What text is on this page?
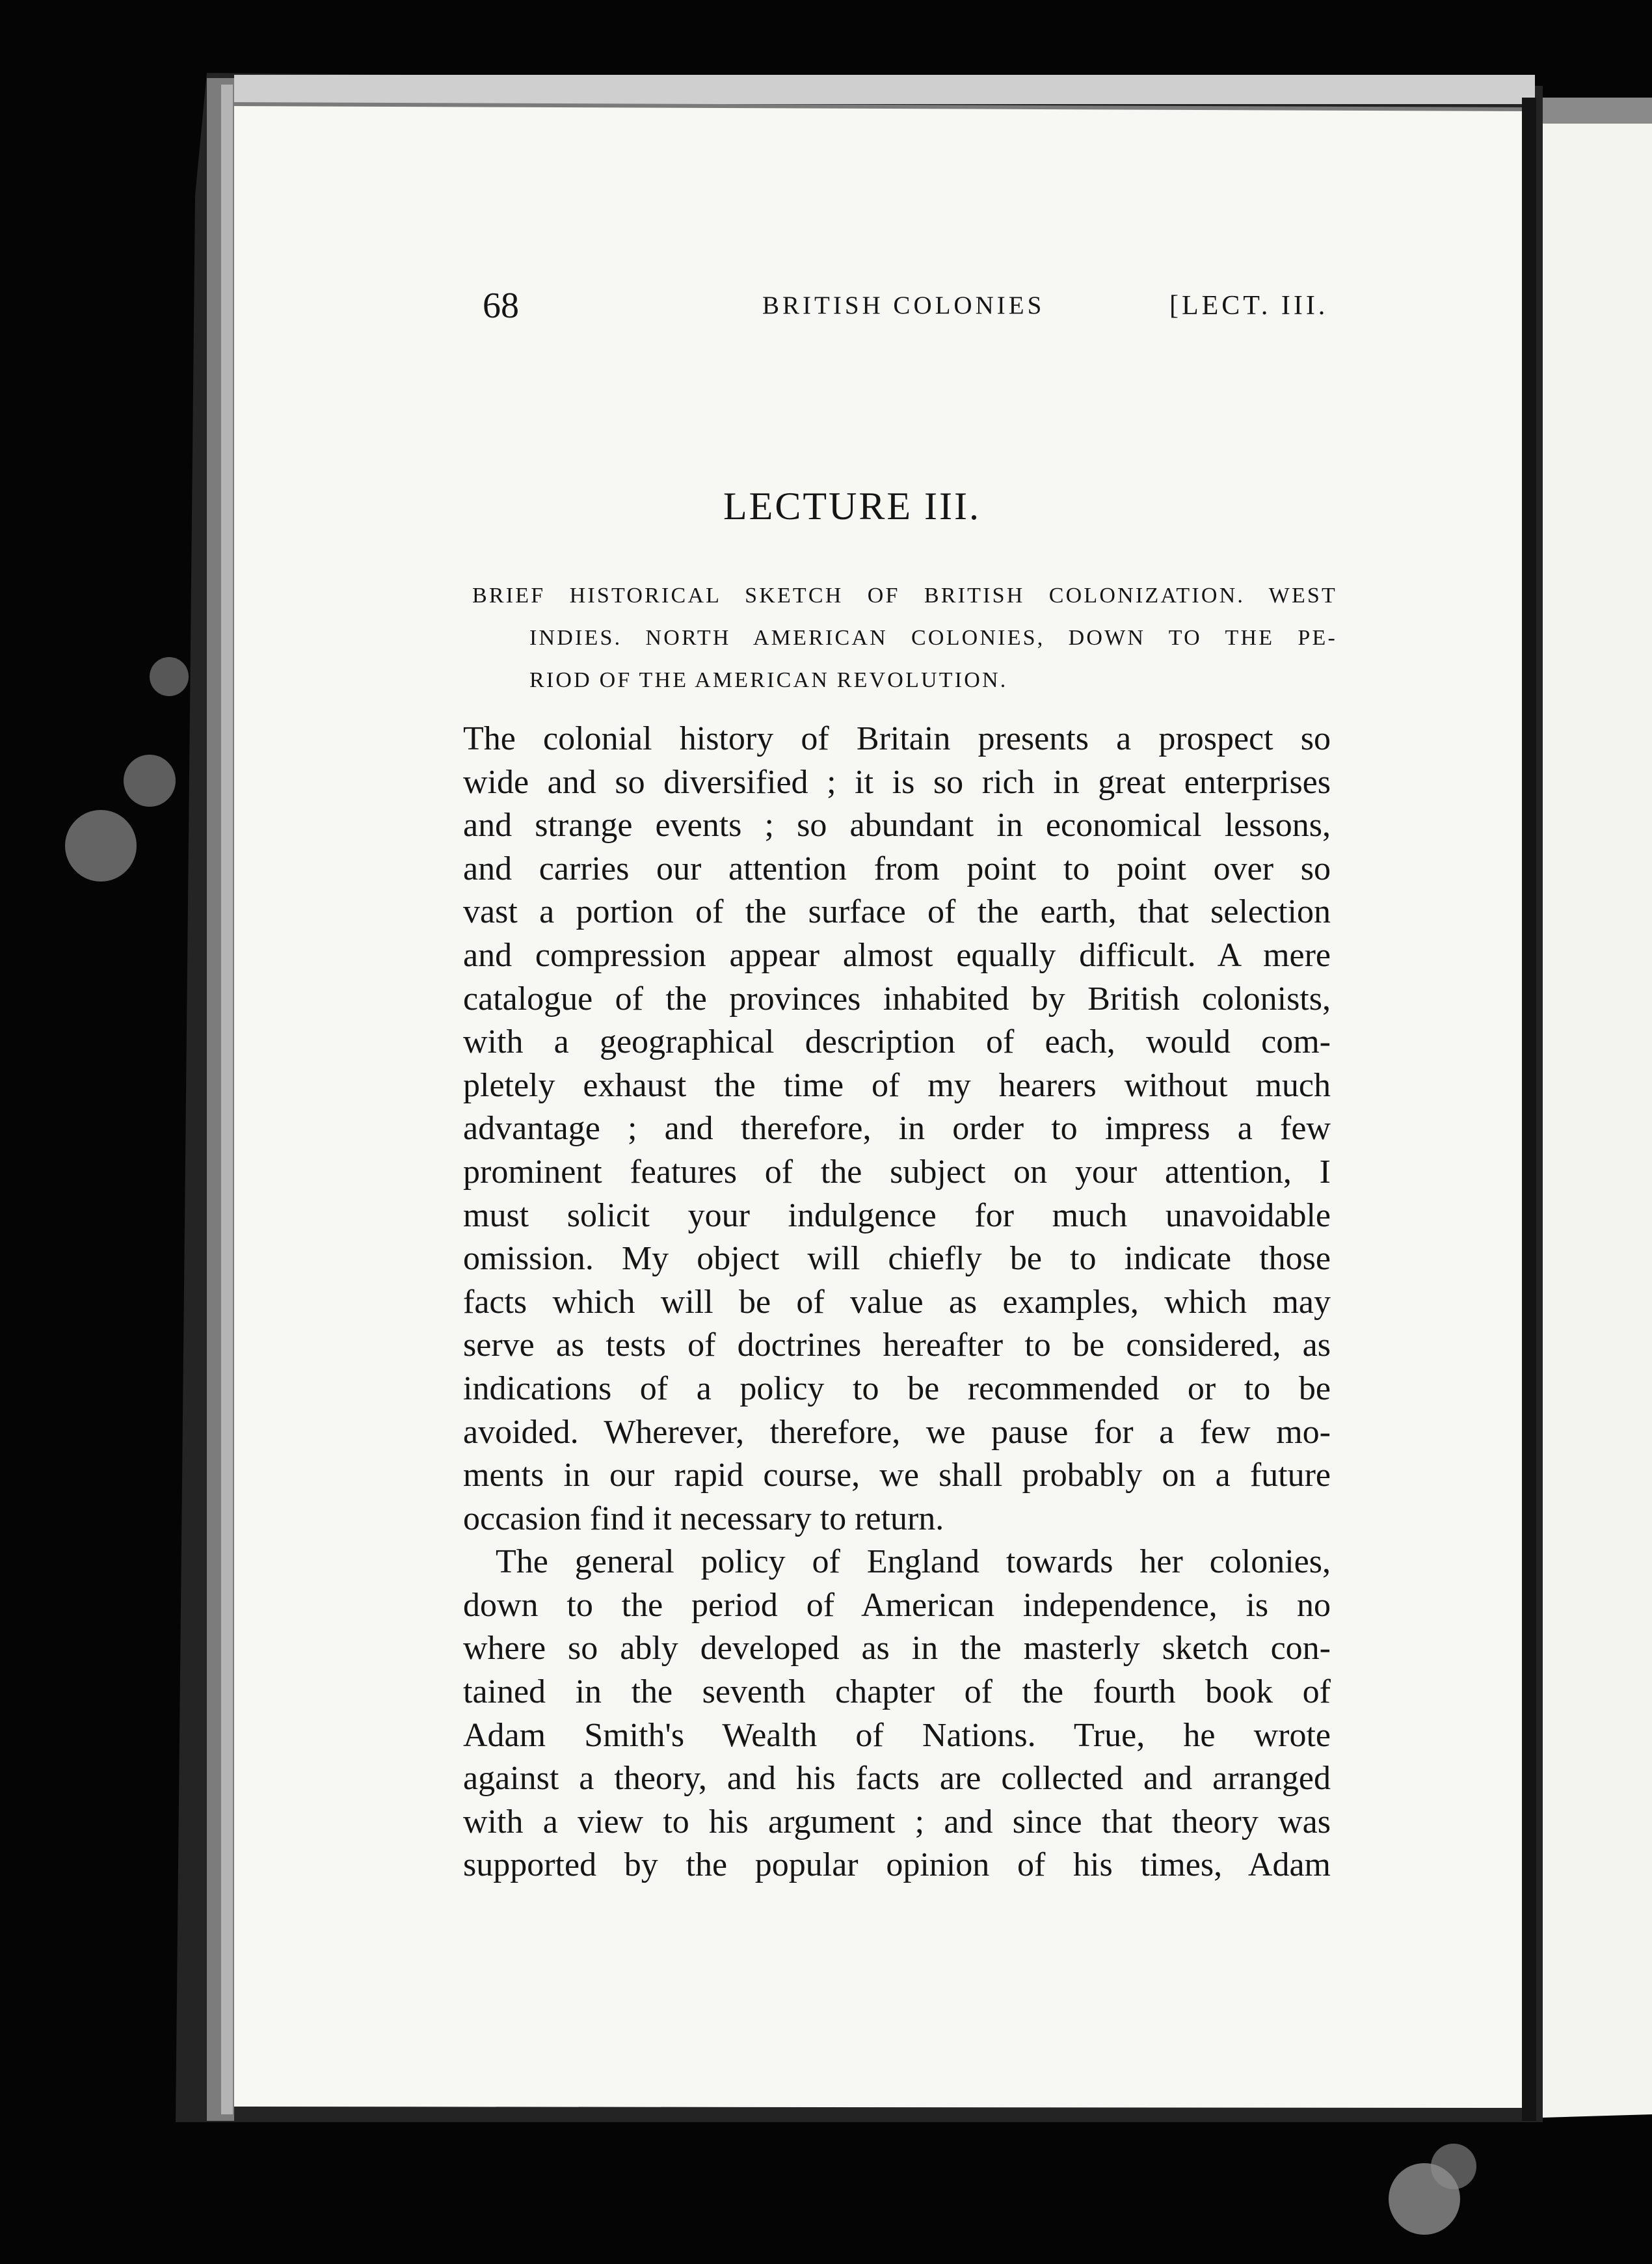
68	BRITISH COLONIES	[LECT. III.
LECTURE III.
BRIEF HISTORICAL SKETCH OF BRITISH COLONIZATION. WEST
INDIES. NORTH AMERICAN COLONIES, DOWN TO THE PE-
RIOD OF THE AMERICAN REVOLUTION.
The colonial history of Britain presents a prospect so
wide and so diversified ; it is so rich in great enterprises
and strange events ; so abundant in economical lessons,
and carries our attention from point to point over so
vast a portion of the surface of the earth, that selection
and compression appear almost equally difficult. A mere
catalogue of the provinces inhabited by British colonists,
with a geographical description of each, would com-
pletely exhaust the time of my hearers without much
advantage ; and therefore, in order to impress a few
prominent features of the subject on your attention, I
must solicit your indulgence for much unavoidable
omission. My object will chiefly be to indicate those
facts which will be of value as examples, which may
serve as tests of doctrines hereafter to be considered, as
indications of a policy to be recommended or to be
avoided. Wherever, therefore, we pause for a few mo-
ments in our rapid course, we shall probably on a future
occasion find it necessary to return.
The general policy of England towards her colonies,
down to the period of American independence, is no
where so ably developed as in the masterly sketch con-
tained in the seventh chapter of the fourth book of
Adam Smith's Wealth of Nations. True, he wrote
against a theory, and his facts are collected and arranged
with a view to his argument ; and since that theory was
supported by the popular opinion of his times, Adam
